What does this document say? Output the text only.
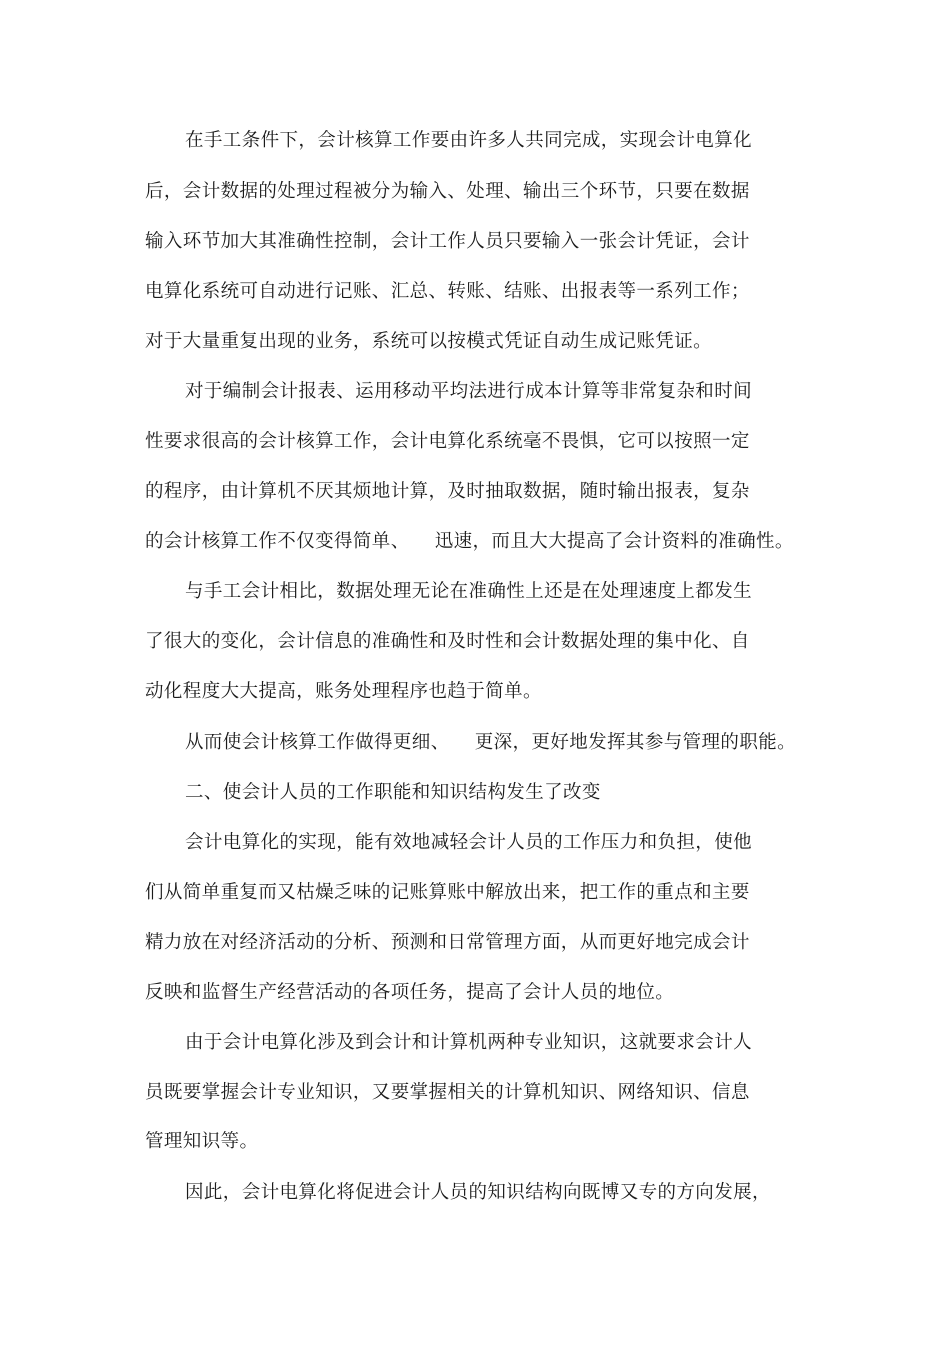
在手工条件下，会计核算工作要由许多人共同完成，实现会计电算化

后，会计数据的处理过程被分为输入、处理、输出三个环节，只要在数据

输入环节加大其准确性控制，会计工作人员只要输入一张会计凭证，会计

电算化系统可自动进行记账、汇总、转账、结账、出报表等一系列工作；

对于大量重复出现的业务，系统可以按模式凭证自动生成记账凭证。

对于编制会计报表、运用移动平均法进行成本计算等非常复杂和时间

性要求很高的会计核算工作，会计电算化系统毫不畏惧，它可以按照一定

的程序，由计算机不厌其烦地计算，及时抽取数据，随时输出报表，复杂

的会计核算工作不仅变得简单、    迅速，而且大大提高了会计资料的准确性。

与手工会计相比，数据处理无论在准确性上还是在处理速度上都发生

了很大的变化，会计信息的准确性和及时性和会计数据处理的集中化、自

动化程度大大提高，账务处理程序也趋于简单。

从而使会计核算工作做得更细、    更深，更好地发挥其参与管理的职能。

二、使会计人员的工作职能和知识结构发生了改变

会计电算化的实现，能有效地减轻会计人员的工作压力和负担，使他

们从简单重复而又枯燥乏味的记账算账中解放出来，把工作的重点和主要

精力放在对经济活动的分析、预测和日常管理方面，从而更好地完成会计

反映和监督生产经营活动的各项任务，提高了会计人员的地位。

由于会计电算化涉及到会计和计算机两种专业知识，这就要求会计人

员既要掌握会计专业知识，又要掌握相关的计算机知识、网络知识、信息

管理知识等。

因此，会计电算化将促进会计人员的知识结构向既博又专的方向发展，
